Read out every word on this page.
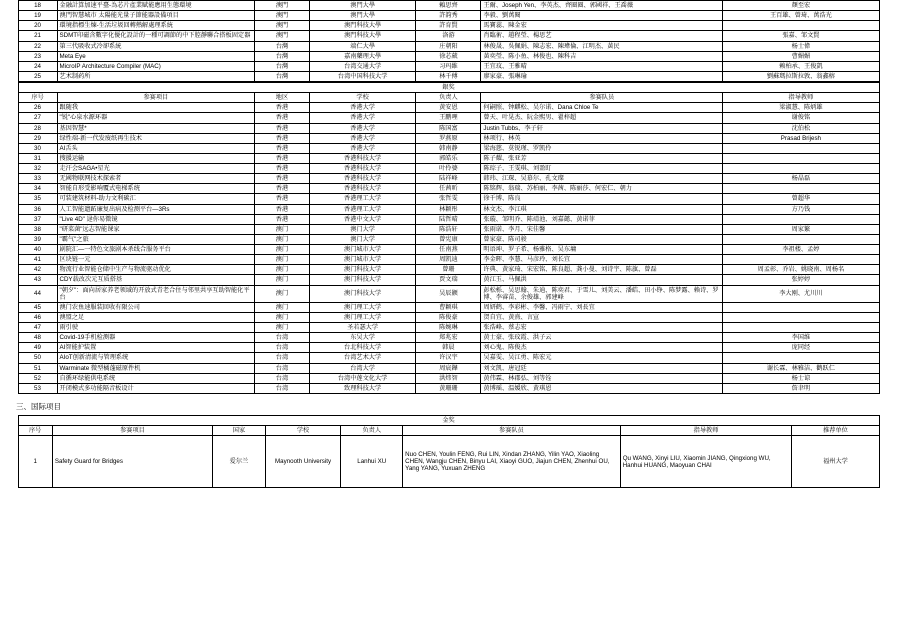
18	金融計算加速平臺-為芯片產業賦能應用生態環境	澳門	澳門大學	賴思齊	王爾、Joseph Yen、李英杰、齊圈圈、郭國祥、王喬薇	顏至宏
19	澳門智慧城市 太陽能光量子節能器設備項目	澳門	澳門大學	許韵秀	李毅、劉萬閱	王百雄、曾琦、萬浩光
20	環境指標生煉-生活垃圾回轉熱解處理系統	澳門	澳門科技大學	許育賢	馬寶蕊、陳金宏	
21	SDMT印磁含數字化優化設計的一種可調節的中下腔靜聯合搭板固定器	澳門	澳門科技大學	洛游	肖臨術、趙程瑩、楊思艺	張嘉、邹文賢
22	第三代吸收式冷卻系統	台灣	端仁大學	庄朝阳	林俊晟、吳佩娟、陳志宏、陳瑋倫、江明杰、黃民	杨士偉
23	Meta Eye	台灣	嘉南藥理大學	徐芯葳	黃奕瑩、陈小鱼、林俊也、陳科吉	曹媚媚
24	MicroIP Architecture Compiler (MAC)	台灣	台湾交通大学	习玛維	王宜玟、王雅晴	赖柏承、王俊凱
25	艺术制药所	台灣	台湾中国科技大学	林千傅	廖家豪、張琳瑜	劉蘇瑪拉斯拉敦、翁鑫榕
銀奖						
序号	参赛项目	地区	学校	负责人	参赛队员	指导教师
26	跟随我	香港	香港大学	黄安恩	何嗣照、钟麒松、吴尔诺、Dana Chloe Te	梁淑慧、陈炳雄
27	"锐"心泉水源环器	香港	香港大学	王鹏哩	曾天、叶晃杰、阮金熙男、翟梓超	谢俊铭
28	基因智慧*	香港	香港大学	陈国富	Justin Tubbs、李子轩	沈伯松
29	绿性端-新一代发废纸再生技术	香港	香港大学	罗燕原	林项行、林英	Prasad Brijesh
30	AI舌头	香港	香港大学	韩南静	梁海慈、莫锐瑾、罗凯伶	
31	搜援运输	香港	香港科技大学	郭皓乐	陈子耀、张亚芳	
32	走汗会SAGA•星光	香港	香港科技大学	叶伶婆	陈琮子、王雯琪、刘盈盯	
33	无國物联网技术探索者	香港	香港科技大学	陆祥峰	韩玮、江琛、吴慕尔、孔文璨	杨晶磊
34	智能自形受影响覆式电梯系统	香港	香港科技大学	任茜昕	陈铭辉、翁瑞、苏柏丽、李茜、陈丽莎、何宏仁、朝力	
35	可装建筑材料-助力文利碳汇	香港	香港理工大学	张哲雯	徐千博、陈良	曾超华
36	人工智能遗跖廉复出病及检测平台—3Rs	香港	香港理工大学	林颖彤	林文杰、李江琪	方乃钱
37	"Live 4D" 逯你易微镜	香港	香港中文大学	陆哲晴	张璇、邹明乔、陈靖池、刘嘉懿、黄诺菲	
38	"研菜菌"远志智能课家	澳门	澳门大学	陈浩轩	张雨诺、李月、宋佳馨	周家繁
39	"霸气"之旅	澳门	澳门大学	曾宪康	曾家豪、陈司骏	
40	剧院汇—一特色文旅剧本杀线合服务平台	澳门	澳门城市大学	任南燕	明语坤、罗子希、杨雅格、吴东墉	李祖楼、孟婷
41	区块链一元	澳门	澳门城市大学	周凯迪	李金晖、李慧、马彦玲、刘长宜	
42	物流行业智能仓储中生产与物流驱动优化	澳门	澳门科技大学	曾珊	许典、黄家琦、宋宏铭、陈良超、龚小曼、刘诗宇、陈旗、曾磊	周孟彰、乔岩、姚晓南、周杨名
43	CDY载改次元互质搭基	澳门	澳门科技大学	贾文瑞	黄江玉、马佩洪	张婷婷
44	"朝夕"：面向居家养老领域的开放式青老合住与邻里共享互助智能化平台	澳门	澳门科技大学	吴辰颢	彭松栎、吴思翰、朱迪、陈奕君、于雪儿、刘美云、潘皓、田小铮、陈梦露、赖诗、罗博、李睿苗、余俊雄、郭建峰	李大刚、尤川川
45	澳门农鱼速服装回收有限公司	澳门	澳门理工大学	曹颖琪	周妍鹤、李彩彬、李馨、冯雨宁、刘長宜	
46	澳盟之足	澳门	澳门理工大学	陈俊豪	贺自宜、黄熹、言宣	
47	雨引驶	澳门	圣若瑟大学	陈婉琳	张浩峰、蔡志宏	
48	Covid-19手机检测器	台湾	东吴大学	郑兆宏	黄士豪、张玟霞、洪子云	李国维
49	AI智能护装置	台湾	台北科技大学	韩晨	刘心鬼、陈俊杰	庞同经
50	AIoT创新清流与管理系统	台湾	台湾艺术大学	许汉宇	吴嘉雯、吴江勇、陈宏元	
51	Warminate 微型橘蓬磁原件机	台湾	台湾大学	周宸鏵	刘文凯、唐冠廷	谢长霖、林雅洁、鹳跃仁
52	自循环绿能供电系统	台湾	台湾中莲文化大学	洪炜智	黄伟霖、林郡弘、刘等铨	杨士谅
53	开闭模式多功能隔音板设计	台湾	致理科技大学	黄珊珊	黄博瑶、温媛欣、黄琪恩	詹聿明
三、国际项目
金奖							
序号	参赛项目	国家	学校	负责人	参赛队员	指导教师	推荐单位
1	Safety Guard for Bridges	爱尔兰	Maynooth University	Lanhui XU	Nuo CHEN, Youlin FENG, Rui LIN, Xindan ZHANG, Yilin YAO, Xiaoling CHEN, Wangju CHEN, Binyu LAI, Xiaoyi GUO, Jiajun CHEN, Zhenhui OU, Yang YANG, Yuxuan ZHENG	Qu WANG, Xinyi LIU, Xiaomin JIANG, Qingxiong WU, Hanhui HUANG, Maoyuan CHAI	福州大学
